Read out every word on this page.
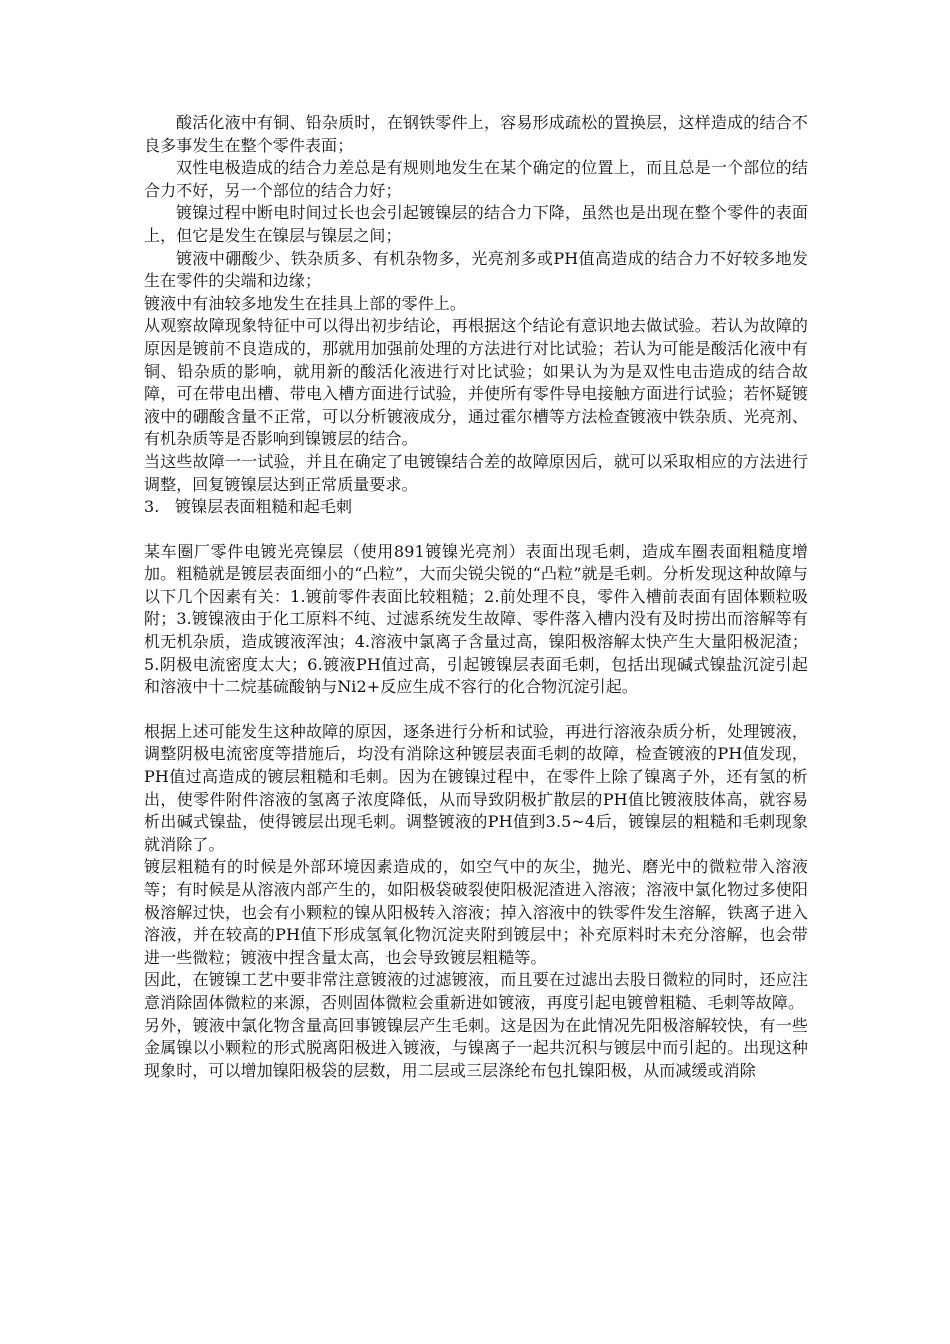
酸活化液中有铜、铅杂质时，在钢铁零件上，容易形成疏松的置换层，这样造成的结合不良多事发生在整个零件表面；

双性电极造成的结合力差总是有规则地发生在某个确定的位置上，而且总是一个部位的结合力不好，另一个部位的结合力好；

镀镍过程中断电时间过长也会引起镀镍层的结合力下降，虽然也是出现在整个零件的表面上，但它是发生在镍层与镍层之间；

镀液中硼酸少、铁杂质多、有机杂物多，光亮剂多或PH值高造成的结合力不好较多地发生在零件的尖端和边缘；

镀液中有油较多地发生在挂具上部的零件上。

从观察故障现象特征中可以得出初步结论，再根据这个结论有意识地去做试验。若认为故障的原因是镀前不良造成的，那就用加强前处理的方法进行对比试验；若认为可能是酸活化液中有铜、铅杂质的影响，就用新的酸活化液进行对比试验；如果认为为是双性电击造成的结合故障，可在带电出槽、带电入槽方面进行试验，并使所有零件导电接触方面进行试验；若怀疑镀液中的硼酸含量不正常，可以分析镀液成分，通过霍尔槽等方法检查镀液中铁杂质、光亮剂、有机杂质等是否影响到镍镀层的结合。

当这些故障一一试验，并且在确定了电镀镍结合差的故障原因后，就可以采取相应的方法进行调整，回复镀镍层达到正常质量要求。

3.   镀镍层表面粗糙和起毛刺

某车圈厂零件电镀光亮镍层（使用891镀镍光亮剂）表面出现毛刺，造成车圈表面粗糙度增加。粗糙就是镀层表面细小的“凸粒”，大而尖锐尖锐的“凸粒”就是毛刺。分析发现这种故障与以下几个因素有关：1.镀前零件表面比较粗糙；2.前处理不良，零件入槽前表面有固体颗粒吸附；3.镀镍液由于化工原料不纯、过滤系统发生故障、零件落入槽内没有及时捞出而溶解等有机无机杂质，造成镀液浑浊；4.溶液中氯离子含量过高，镍阳极溶解太快产生大量阳极泥渣；5.阴极电流密度太大；6.镀液PH值过高，引起镀镍层表面毛刺，包括出现碱式镍盐沉淀引起和溶液中十二烷基硫酸钠与Ni2+反应生成不容行的化合物沉淀引起。

根据上述可能发生这种故障的原因，逐条进行分析和试验，再进行溶液杂质分析，处理镀液，调整阴极电流密度等措施后，均没有消除这种镀层表面毛刺的故障，检查镀液的PH值发现，PH值过高造成的镀层粗糙和毛刺。因为在镀镍过程中，在零件上除了镍离子外，还有氢的析出，使零件附件溶液的氢离子浓度降低，从而导致阴极扩散层的PH值比镀液肢体高，就容易析出碱式镍盐，使得镀层出现毛刺。调整镀液的PH值到3.5~4后，镀镍层的粗糙和毛刺现象就消除了。

镀层粗糙有的时候是外部环境因素造成的，如空气中的灰尘，抛光、磨光中的微粒带入溶液等；有时候是从溶液内部产生的，如阳极袋破裂使阳极泥渣进入溶液；溶液中氯化物过多使阳极溶解过快，也会有小颗粒的镍从阳极转入溶液；掉入溶液中的铁零件发生溶解，铁离子进入溶液，并在较高的PH值下形成氢氧化物沉淀夹附到镀层中；补充原料时未充分溶解，也会带进一些微粒；镀液中捏含量太高，也会导致镀层粗糙等。

因此，在镀镍工艺中要非常注意镀液的过滤镀液，而且要在过滤出去股日微粒的同时，还应注意消除固体微粒的来源，否则固体微粒会重新进如镀液，再度引起电镀曾粗糙、毛刺等故障。

另外，镀液中氯化物含量高回事镀镍层产生毛刺。这是因为在此情况先阳极溶解较快，有一些金属镍以小颗粒的形式脱离阳极进入镀液，与镍离子一起共沉积与镀层中而引起的。出现这种现象时，可以增加镍阳极袋的层数，用二层或三层涤纶布包扎镍阳极，从而减缓或消除
